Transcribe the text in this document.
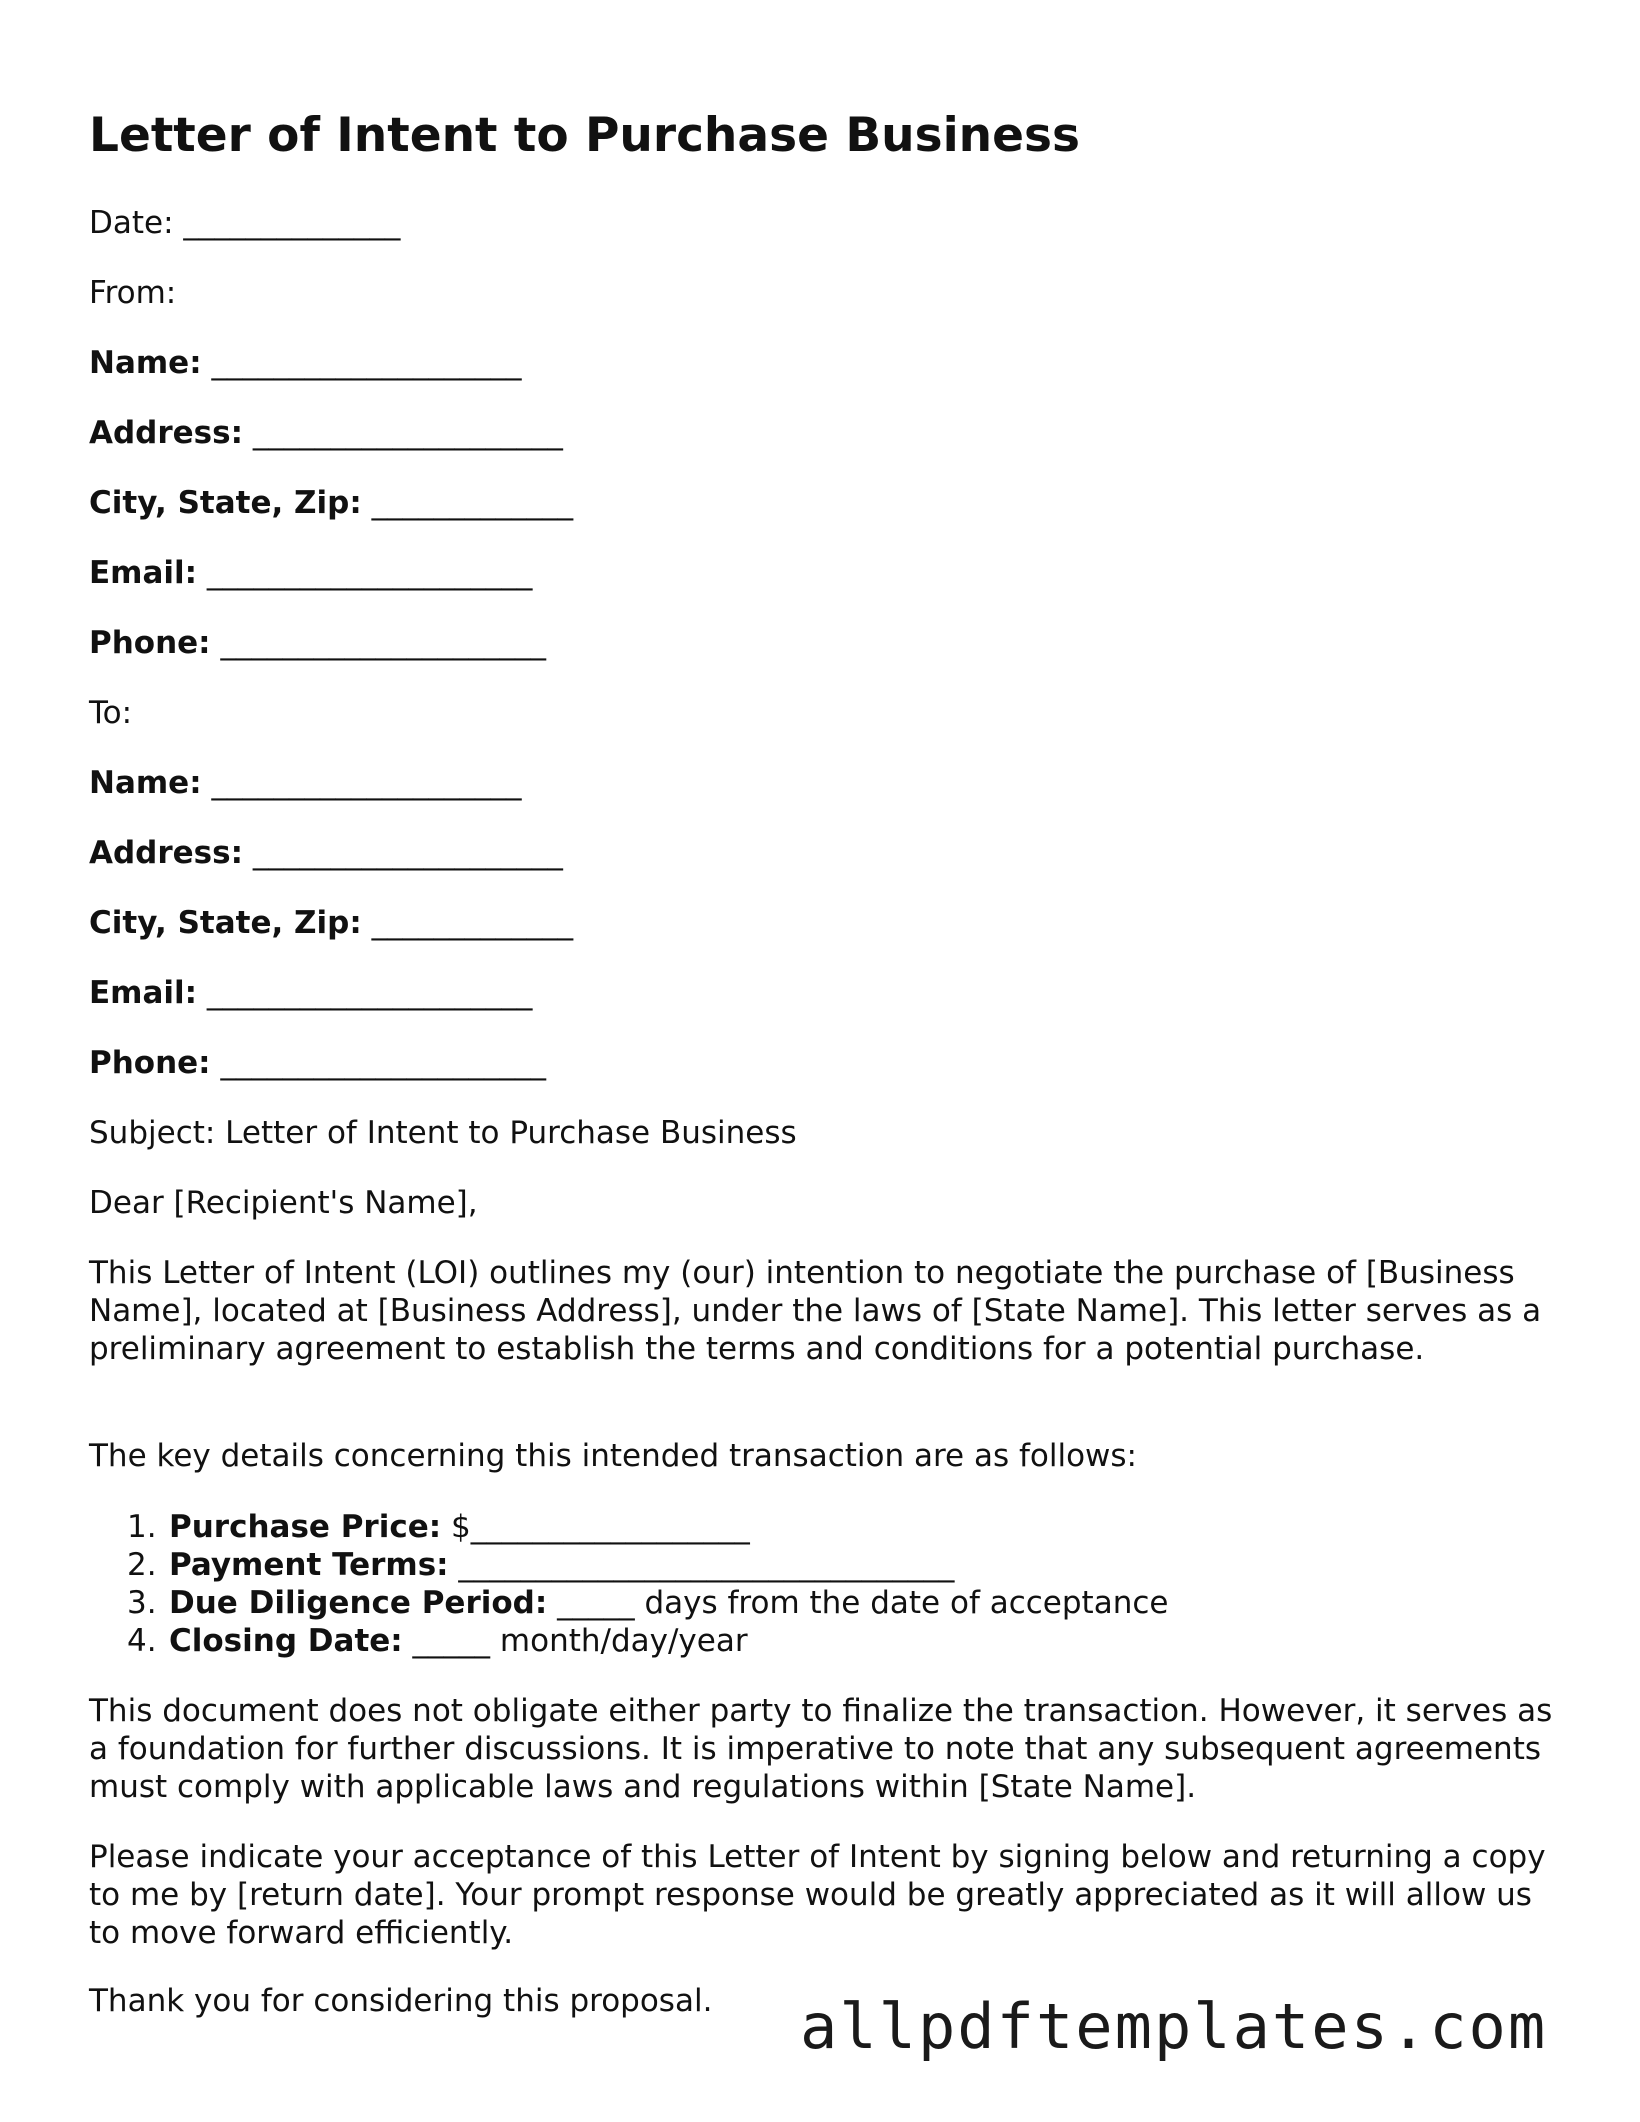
Letter of Intent to Purchase Business
Date: ______________
From:
Name: ____________________
Address: ____________________
City, State, Zip: _____________
Email: _____________________
Phone: _____________________
To:
Name: ____________________
Address: ____________________
City, State, Zip: _____________
Email: _____________________
Phone: _____________________
Subject: Letter of Intent to Purchase Business
Dear [Recipient's Name],

This Letter of Intent (LOI) outlines my (our) intention to negotiate the purchase of [Business Name], located at [Business Address], under the laws of [State Name]. This letter serves as a preliminary agreement to establish the terms and conditions for a potential purchase.

The key details concerning this intended transaction are as follows:
1. Purchase Price: $__________________
2. Payment Terms: ________________________________
3. Due Diligence Period: _____ days from the date of acceptance
4. Closing Date: _____ month/day/year

This document does not obligate either party to finalize the transaction. However, it serves as a foundation for further discussions. It is imperative to note that any subsequent agreements must comply with applicable laws and regulations within [State Name].

Please indicate your acceptance of this Letter of Intent by signing below and returning a copy to me by [return date]. Your prompt response would be greatly appreciated as it will allow us to move forward efficiently.

Thank you for considering this proposal. allpdftemplates.com
